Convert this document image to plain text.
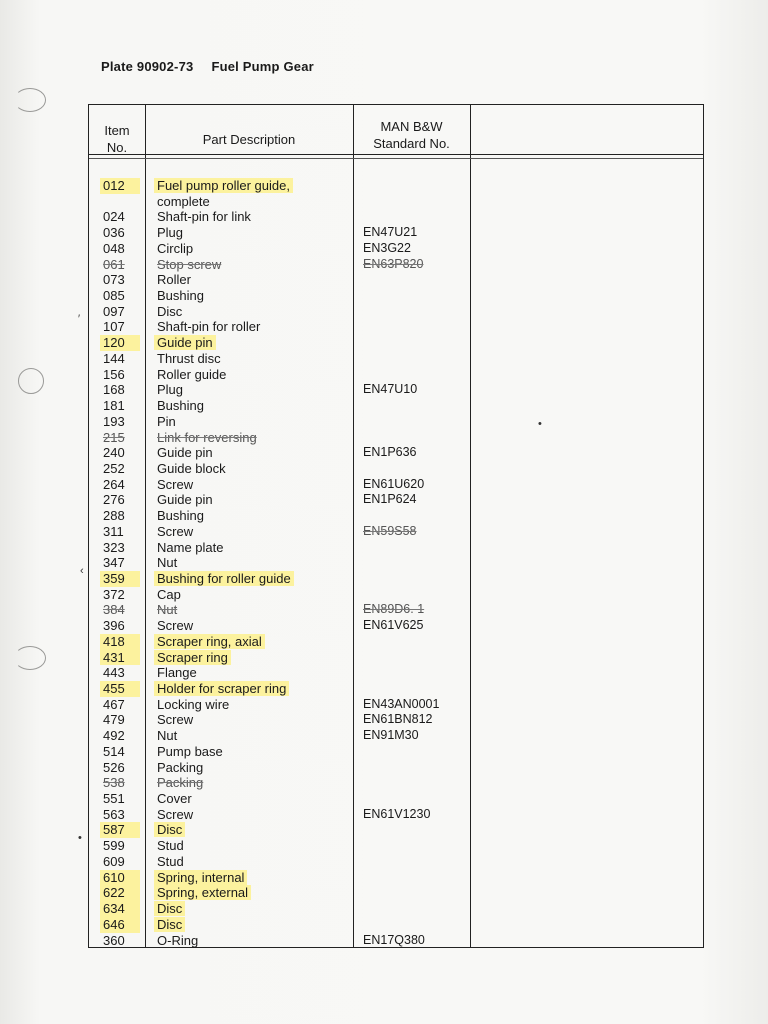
Plate 90902-73 Fuel Pump Gear
Item
No.
Part Description
MAN B&W
Standard No.
012	Fuel pump roller guide,
complete
024	Shaft-pin for link
036	Plug	EN47U21
048	Circlip	EN3G22
061	Stop screw	EN63P820
073	Roller
085	Bushing
097	Disc
107	Shaft-pin for roller
120	Guide pin
144	Thrust disc
156	Roller guide
168	Plug	EN47U10
181	Bushing
193	Pin
215	Link for reversing
240	Guide pin	EN1P636
252	Guide block
264	Screw	EN61U620
276	Guide pin	EN1P624
288	Bushing
311	Screw	EN59S58
323	Name plate
347	Nut
359	Bushing for roller guide
372	Cap
384	Nut	EN89D6. 1
396	Screw	EN61V625
418	Scraper ring, axial
431	Scraper ring
443	Flange
455	Holder for scraper ring
467	Locking wire	EN43AN0001
479	Screw	EN61BN812
492	Nut	EN91M30
514	Pump base
526	Packing
538	Packing
551	Cover
563	Screw	EN61V1230
587	Disc
599	Stud
609	Stud
610	Spring, internal
622	Spring, external
634	Disc
646	Disc
360	O-Ring	EN17Q380
′
‹
•
•
